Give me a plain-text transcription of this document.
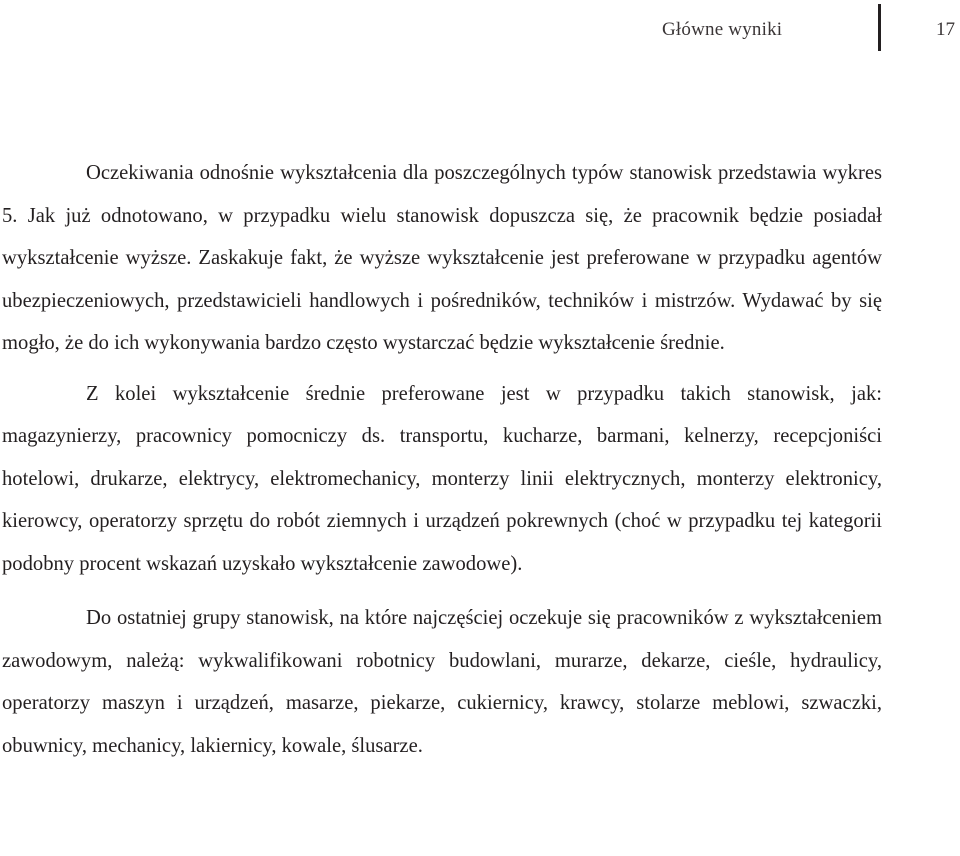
Główne wyniki	17

Oczekiwania odnośnie wykształcenia dla poszczególnych typów stanowisk przedstawia wykres 5. Jak już odnotowano, w przypadku wielu stanowisk dopuszcza się, że pracownik będzie posiadał wykształcenie wyższe. Zaskakuje fakt, że wyższe wykształcenie jest preferowane w przypadku agentów ubezpieczeniowych, przedstawicieli handlowych i pośredników, techników i mistrzów. Wydawać by się mogło, że do ich wykonywania bardzo często wystarczać będzie wykształcenie średnie.

Z kolei wykształcenie średnie preferowane jest w przypadku takich stanowisk, jak: magazynierzy, pracownicy pomocniczy ds. transportu, kucharze, barmani, kelnerzy, recepcjoniści hotelowi, drukarze, elektrycy, elektromechanicy, monterzy linii elektrycznych, monterzy elektronicy, kierowcy, operatorzy sprzętu do robót ziemnych i urządzeń pokrewnych (choć w przypadku tej kategorii podobny procent wskazań uzyskało wykształcenie zawodowe).

Do ostatniej grupy stanowisk, na które najczęściej oczekuje się pracowników z wykształceniem zawodowym, należą: wykwalifikowani robotnicy budowlani, murarze, dekarze, cieśle, hydraulicy, operatorzy maszyn i urządzeń, masarze, piekarze, cukiernicy, krawcy, stolarze meblowi, szwaczki, obuwnicy, mechanicy, lakiernicy, kowale, ślusarze.
